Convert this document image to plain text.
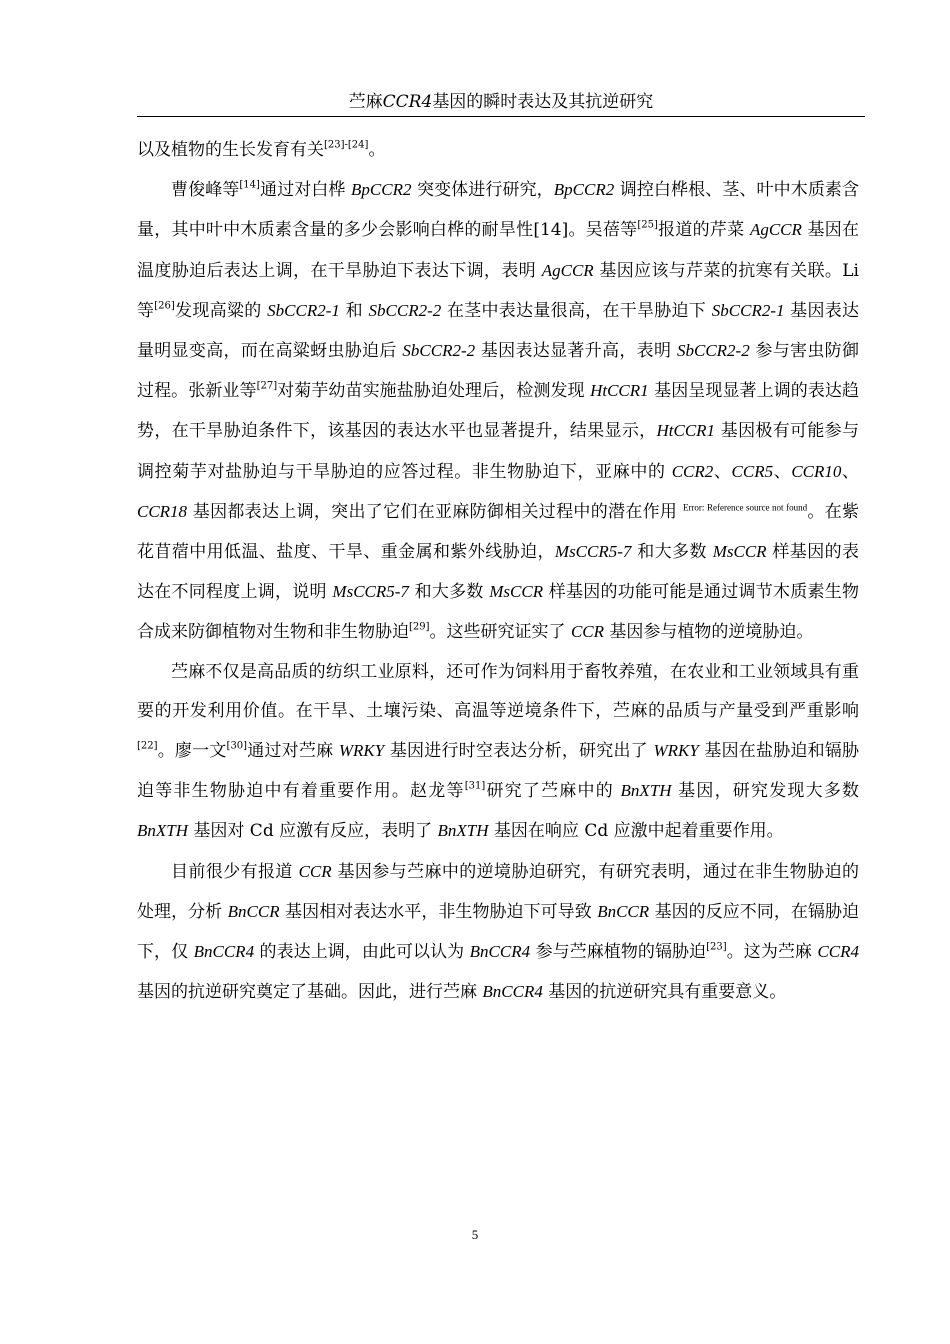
苎麻CCR4基因的瞬时表达及其抗逆研究

以及植物的生长发育有关[23]-[24]。

曹俊峰等[14]通过对白桦 BpCCR2 突变体进行研究，BpCCR2 调控白桦根、茎、叶中木质素含量，其中叶中木质素含量的多少会影响白桦的耐旱性[14]。吴蓓等[25]报道的芹菜 AgCCR 基因在温度胁迫后表达上调，在干旱胁迫下表达下调，表明 AgCCR 基因应该与芹菜的抗寒有关联。Li 等[26]发现高粱的 SbCCR2-1 和 SbCCR2-2 在茎中表达量很高，在干旱胁迫下 SbCCR2-1 基因表达量明显变高，而在高粱蚜虫胁迫后 SbCCR2-2 基因表达显著升高，表明 SbCCR2-2 参与害虫防御过程。张新业等[27]对菊芋幼苗实施盐胁迫处理后，检测发现 HtCCR1 基因呈现显著上调的表达趋势，在干旱胁迫条件下，该基因的表达水平也显著提升，结果显示，HtCCR1 基因极有可能参与调控菊芋对盐胁迫与干旱胁迫的应答过程。非生物胁迫下，亚麻中的 CCR2、CCR5、CCR10、CCR18 基因都表达上调，突出了它们在亚麻防御相关过程中的潜在作用 $^{Error: Reference source not found}$。在紫花苜蓿中用低温、盐度、干旱、重金属和紫外线胁迫，MsCCR5-7 和大多数 MsCCR 样基因的表达在不同程度上调，说明 MsCCR5-7 和大多数 MsCCR 样基因的功能可能是通过调节木质素生物合成来防御植物对生物和非生物胁迫[29]。这些研究证实了 CCR 基因参与植物的逆境胁迫。

苎麻不仅是高品质的纺织工业原料，还可作为饲料用于畜牧养殖，在农业和工业领域具有重要的开发利用价值。在干旱、土壤污染、高温等逆境条件下，苎麻的品质与产量受到严重影响[22]。廖一文[30]通过对苎麻 WRKY 基因进行时空表达分析，研究出了 WRKY 基因在盐胁迫和镉胁迫等非生物胁迫中有着重要作用。赵龙等[31]研究了苎麻中的 BnXTH 基因，研究发现大多数 BnXTH 基因对 Cd 应激有反应，表明了 BnXTH 基因在响应 Cd 应激中起着重要作用。

目前很少有报道 CCR 基因参与苎麻中的逆境胁迫研究，有研究表明，通过在非生物胁迫的处理，分析 BnCCR 基因相对表达水平，非生物胁迫下可导致 BnCCR 基因的反应不同，在镉胁迫下，仅 BnCCR4 的表达上调，由此可以认为 BnCCR4 参与苎麻植物的镉胁迫[23]。这为苎麻 CCR4 基因的抗逆研究奠定了基础。因此，进行苎麻 BnCCR4 基因的抗逆研究具有重要意义。

5
